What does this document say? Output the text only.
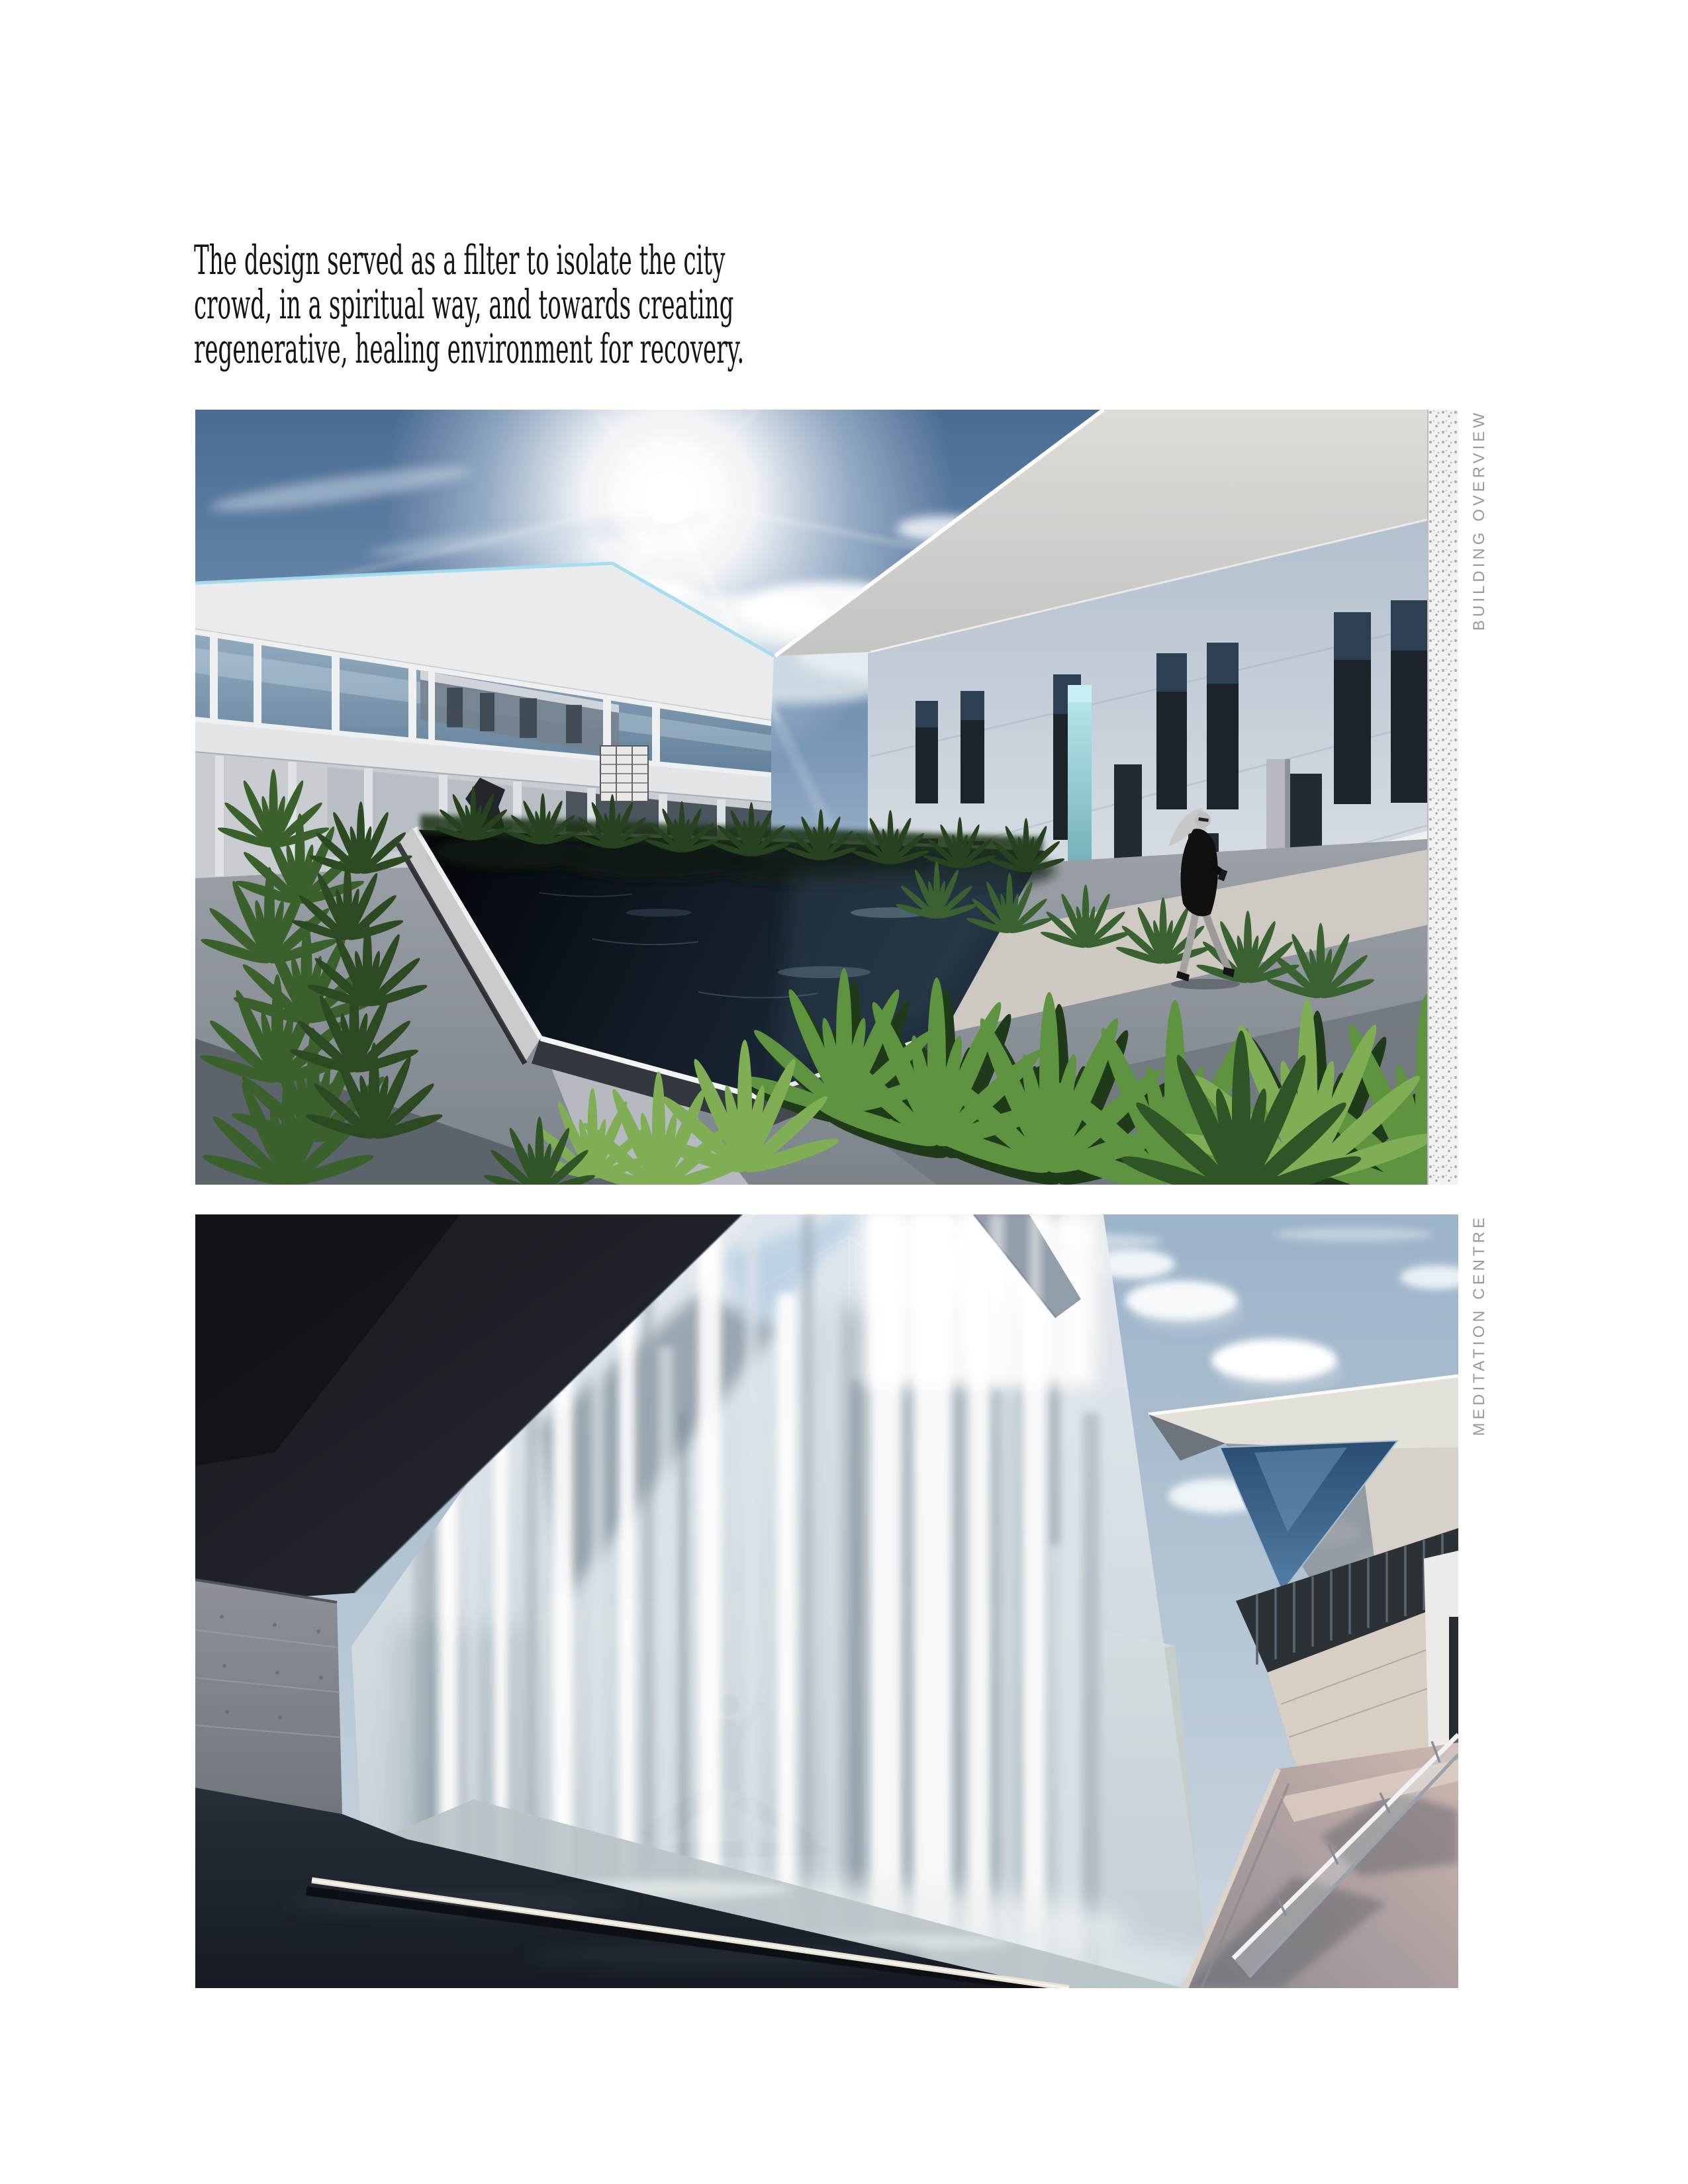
The design served as a filter to isolate the city
crowd, in a spiritual way, and towards creating
regenerative, healing environment for recovery.
BUILDING OVERVIEW
MEDITATION CENTRE
